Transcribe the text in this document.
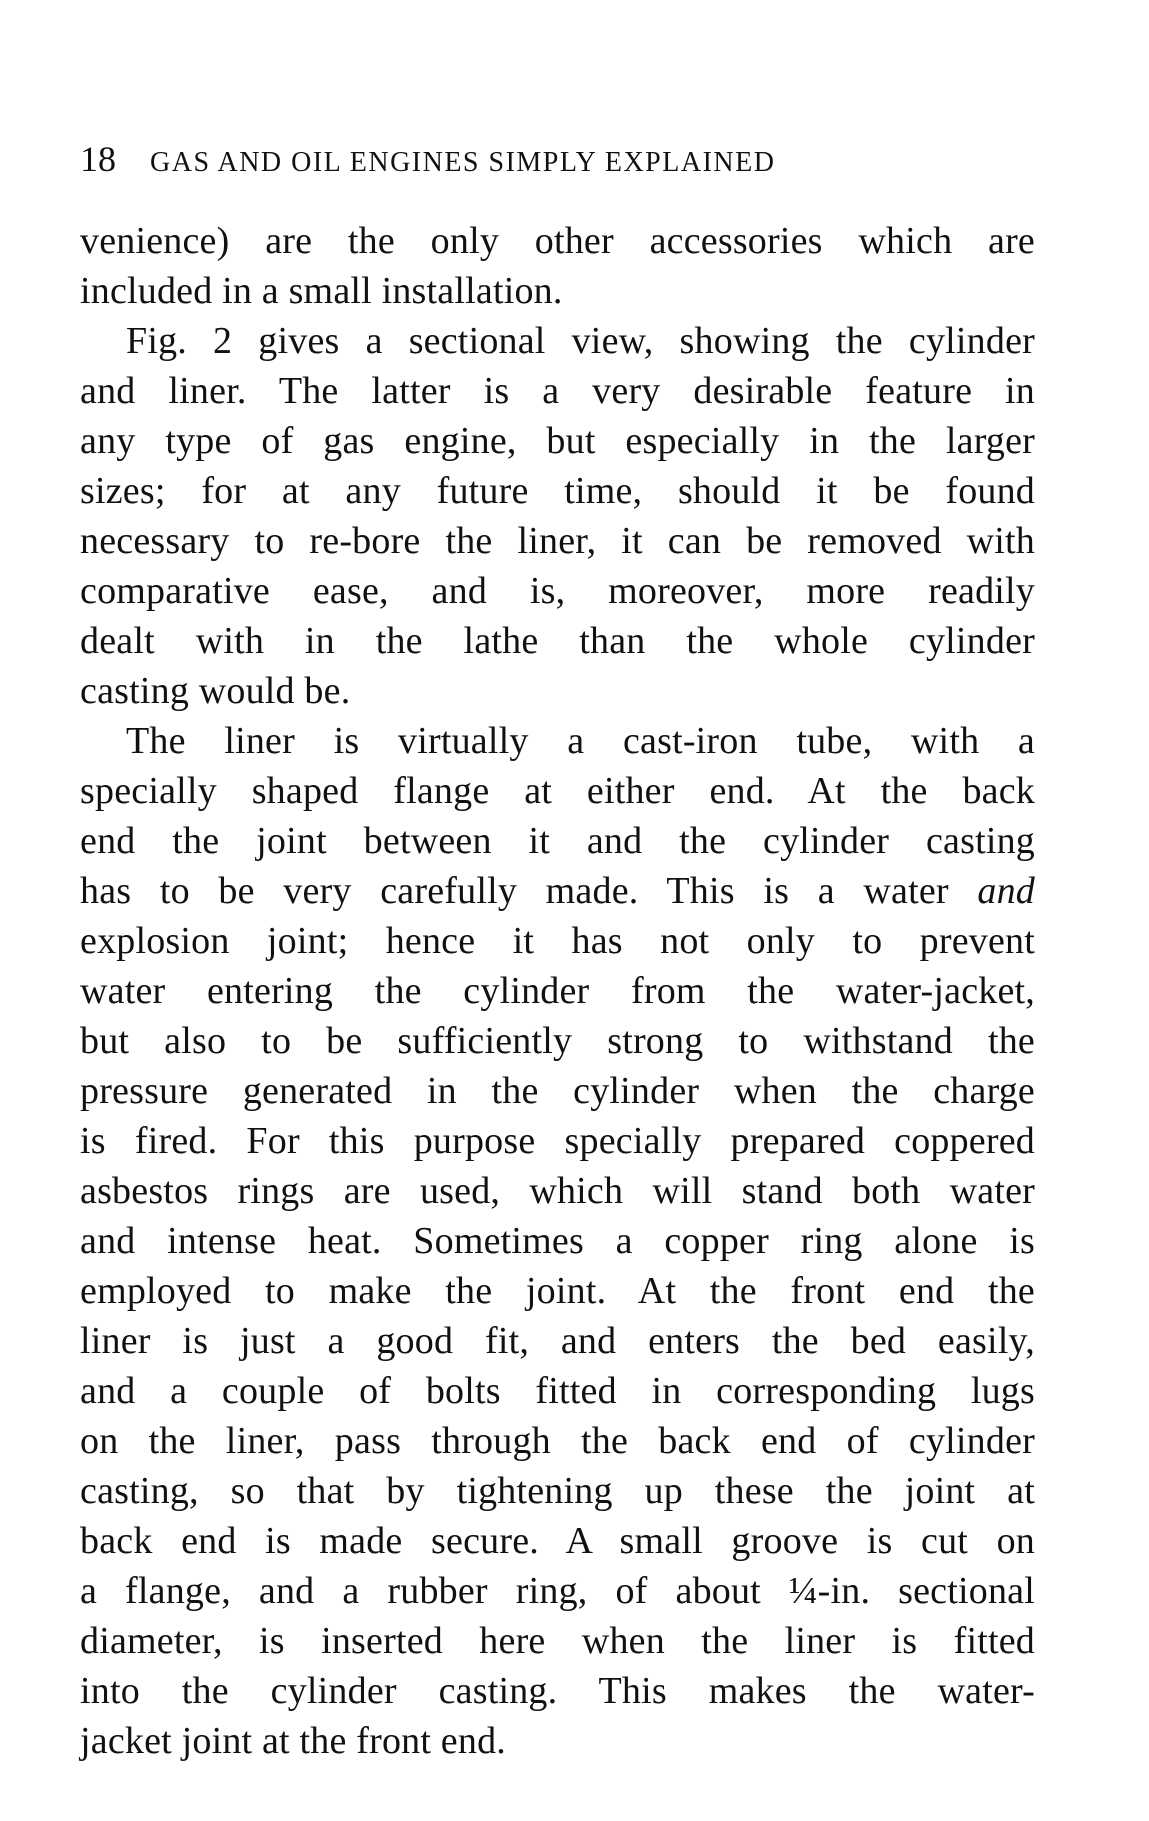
18 GAS AND OIL ENGINES SIMPLY EXPLAINED
venience) are the only other accessories which are
included in a small installation.
Fig. 2 gives a sectional view, showing the cylinder
and liner. The latter is a very desirable feature in
any type of gas engine, but especially in the larger
sizes; for at any future time, should it be found
necessary to re-bore the liner, it can be removed with
comparative ease, and is, moreover, more readily
dealt with in the lathe than the whole cylinder
casting would be.
The liner is virtually a cast-iron tube, with a
specially shaped flange at either end. At the back
end the joint between it and the cylinder casting
has to be very carefully made. This is a water and
explosion joint; hence it has not only to prevent
water entering the cylinder from the water-jacket,
but also to be sufficiently strong to withstand the
pressure generated in the cylinder when the charge
is fired. For this purpose specially prepared coppered
asbestos rings are used, which will stand both water
and intense heat. Sometimes a copper ring alone is
employed to make the joint. At the front end the
liner is just a good fit, and enters the bed easily,
and a couple of bolts fitted in corresponding lugs
on the liner, pass through the back end of cylinder
casting, so that by tightening up these the joint at
back end is made secure. A small groove is cut on
a flange, and a rubber ring, of about ¼-in. sectional
diameter, is inserted here when the liner is fitted
into the cylinder casting. This makes the water-
jacket joint at the front end.
